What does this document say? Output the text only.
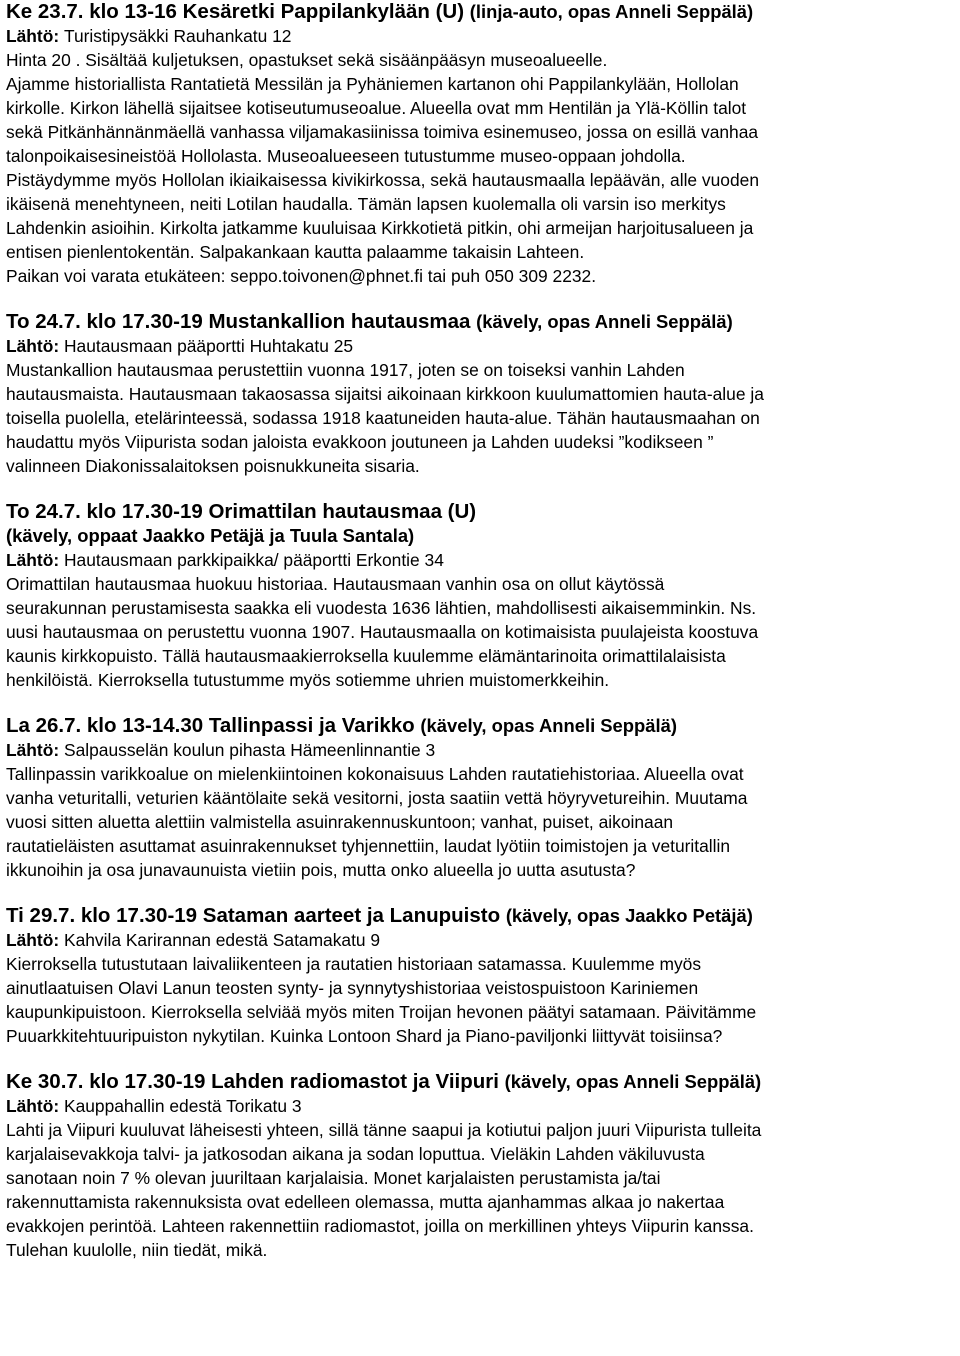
Ke 23.7. klo 13-16 Kesäretki Pappilankylään (U) (linja-auto, opas Anneli Seppälä)
Lähtö: Turistipysäkki Rauhankatu 12
Hinta 20 . Sisältää kuljetuksen, opastukset sekä sisäänpääsyn museoalueelle.
Ajamme historiallista Rantatietä Messilän ja Pyhäniemen kartanon ohi Pappilankylään, Hollolan
kirkolle. Kirkon lähellä sijaitsee kotiseutumuseoalue. Alueella ovat mm Hentilän ja Ylä-Köllin talot
sekä Pitkänhännänmäellä vanhassa viljamakasiinissa toimiva esinemuseo, jossa on esillä vanhaa
talonpoikaisesineistöä Hollolasta. Museoalueeseen tutustumme museo-oppaan johdolla.
Pistäydymme myös Hollolan ikiaikaisessa kivikirkossa, sekä hautausmaalla lepäävän, alle vuoden
ikäisenä menehtyneen, neiti Lotilan haudalla. Tämän lapsen kuolemalla oli varsin iso merkitys
Lahdenkin asioihin. Kirkolta jatkamme kuuluisaa Kirkkotietä pitkin, ohi armeijan harjoitusalueen ja
entisen pienlentokentän. Salpakankaan kautta palaamme takaisin Lahteen.
Paikan voi varata etukäteen: seppo.toivonen@phnet.fi tai puh 050 309 2232.
To 24.7. klo 17.30-19 Mustankallion hautausmaa (kävely, opas Anneli Seppälä)
Lähtö: Hautausmaan pääportti Huhtakatu 25
Mustankallion hautausmaa perustettiin vuonna 1917, joten se on toiseksi vanhin Lahden
hautausmaista. Hautausmaan takaosassa sijaitsi aikoinaan kirkkoon kuulumattomien hauta-alue ja
toisella puolella, etelärinteessä, sodassa 1918 kaatuneiden hauta-alue. Tähän hautausmaahan on
haudattu myös Viipurista sodan jaloista evakkoon joutuneen ja Lahden uudeksi ”kodikseen ”
valinneen Diakonissalaitoksen poisnukkuneita sisaria.
To 24.7. klo 17.30-19 Orimattilan hautausmaa (U)
(kävely, oppaat Jaakko Petäjä ja Tuula Santala)
Lähtö: Hautausmaan parkkipaikka/ pääportti Erkontie 34
Orimattilan hautausmaa huokuu historiaa. Hautausmaan vanhin osa on ollut käytössä
seurakunnan perustamisesta saakka eli vuodesta 1636 lähtien, mahdollisesti aikaisemminkin. Ns.
uusi hautausmaa on perustettu vuonna 1907. Hautausmaalla on kotimaisista puulajeista koostuva
kaunis kirkkopuisto. Tällä hautausmaakierroksella kuulemme elämäntarinoita orimattilalaisista
henkilöistä. Kierroksella tutustumme myös sotiemme uhrien muistomerkkeihin.
La 26.7. klo 13-14.30 Tallinpassi ja Varikko (kävely, opas Anneli Seppälä)
Lähtö: Salpausselän koulun pihasta Hämeenlinnantie 3
Tallinpassin varikkoalue on mielenkiintoinen kokonaisuus Lahden rautatiehistoriaa. Alueella ovat
vanha veturitalli, veturien kääntölaite sekä vesitorni, josta saatiin vettä höyryvetureihin. Muutama
vuosi sitten aluetta alettiin valmistella asuinrakennuskuntoon; vanhat, puiset, aikoinaan
rautatieläisten asuttamat asuinrakennukset tyhjennettiin, laudat lyötiin toimistojen ja veturitallin
ikkunoihin ja osa junavaunuista vietiin pois, mutta onko alueella jo uutta asutusta?
Ti 29.7. klo 17.30-19 Sataman aarteet ja Lanupuisto (kävely, opas Jaakko Petäjä)
Lähtö: Kahvila Karirannan edestä Satamakatu 9
Kierroksella tutustutaan laivaliikenteen ja rautatien historiaan satamassa. Kuulemme myös
ainutlaatuisen Olavi Lanun teosten synty- ja synnytyshistoriaa veistospuistoon Kariniemen
kaupunkipuistoon. Kierroksella selviää myös miten Troijan hevonen päätyi satamaan. Päivitämme
Puuarkkitehtuuripuiston nykytilan. Kuinka Lontoon Shard ja Piano-paviljonki liittyvät toisiinsa?
Ke 30.7. klo 17.30-19 Lahden radiomastot ja Viipuri (kävely, opas Anneli Seppälä)
Lähtö: Kauppahallin edestä Torikatu 3
Lahti ja Viipuri kuuluvat läheisesti yhteen, sillä tänne saapui ja kotiutui paljon juuri Viipurista tulleita
karjalaisevakkoja talvi- ja jatkosodan aikana ja sodan loputtua. Vieläkin Lahden väkiluvusta
sanotaan noin 7 % olevan juuriltaan karjalaisia. Monet karjalaisten perustamista ja/tai
rakennuttamista rakennuksista ovat edelleen olemassa, mutta ajanhammas alkaa jo nakertaa
evakkojen perintöä. Lahteen rakennettiin radiomastot, joilla on merkillinen yhteys Viipurin kanssa.
Tulehan kuulolle, niin tiedät, mikä.
